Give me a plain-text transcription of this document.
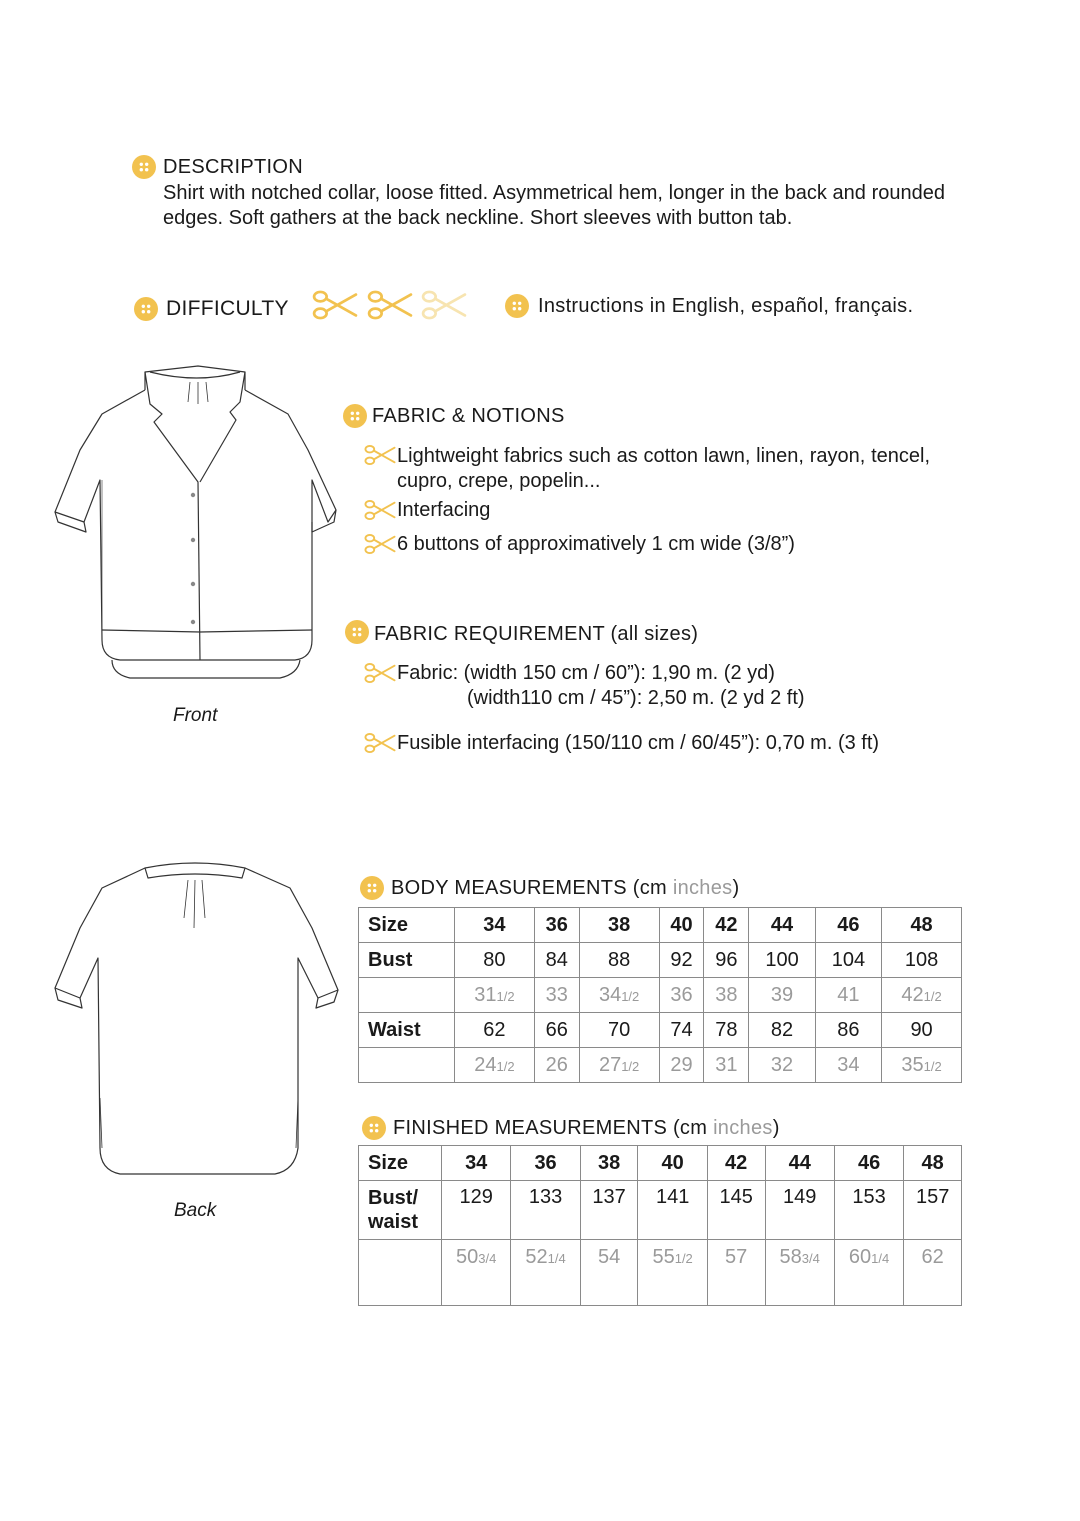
DESCRIPTION
Shirt with notched collar, loose fitted. Asymmetrical hem, longer in the back and rounded edges. Soft gathers at the back neckline. Short sleeves with button tab.
DIFFICULTY	Instructions in English, español, français.
Front
FABRIC & NOTIONS
Lightweight fabrics such as cotton lawn, linen, rayon, tencel, cupro, crepe, popelin...
Interfacing
6 buttons of approximatively 1 cm wide (3/8”)
FABRIC REQUIREMENT (all sizes)
Fabric: (width 150 cm / 60”): 1,90 m. (2 yd)
(width110 cm / 45”): 2,50 m. (2 yd 2 ft)
Fusible interfacing (150/110 cm / 60/45”): 0,70 m. (3 ft)
Back
BODY MEASUREMENTS (cm inches)
Size	34	36	38	40	42	44	46	48
Bust	80	84	88	92	96	100	104	108
	311/2	33	341/2	36	38	39	41	421/2
Waist	62	66	70	74	78	82	86	90
	241/2	26	271/2	29	31	32	34	351/2
FINISHED MEASUREMENTS (cm inches)
Size	34	36	38	40	42	44	46	48
Bust/
waist	129	133	137	141	145	149	153	157
	503/4	521/4	54	551/2	57	583/4	601/4	62
